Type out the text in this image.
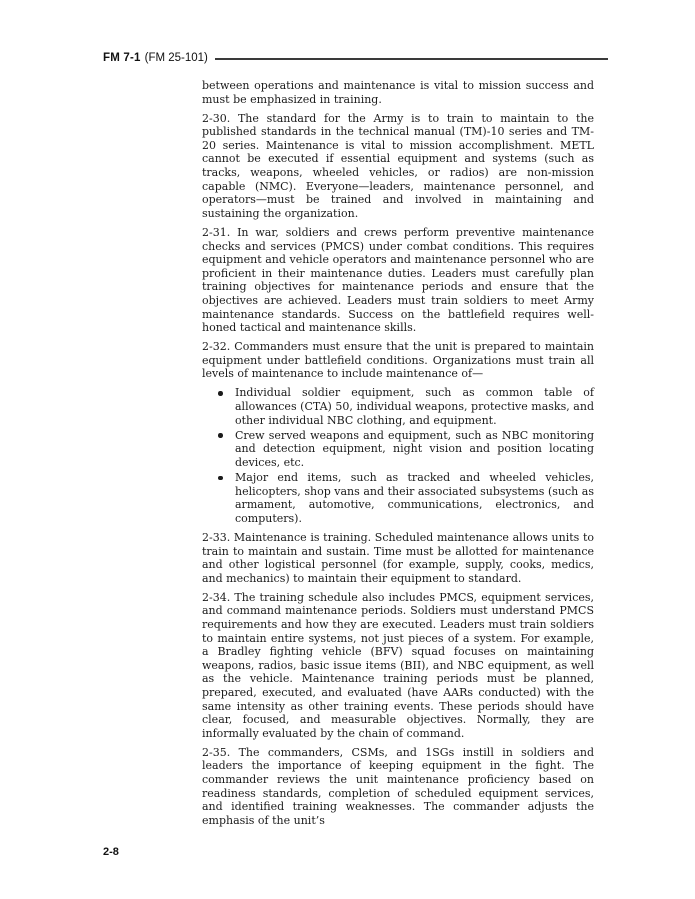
FM 7-1 (FM 25-101)

between operations and maintenance is vital to mission success and must be emphasized in training.

2-30. The standard for the Army is to train to maintain to the published standards in the technical manual (TM)-10 series and TM-20 series. Maintenance is vital to mission accomplishment. METL cannot be executed if essential equipment and systems (such as tracks, weapons, wheeled vehicles, or radios) are non-mission capable (NMC). Everyone—leaders, maintenance personnel, and operators—must be trained and involved in maintaining and sustaining the organization.

2-31. In war, soldiers and crews perform preventive maintenance checks and services (PMCS) under combat conditions. This requires equipment and vehicle operators and maintenance personnel who are proficient in their maintenance duties. Leaders must carefully plan training objectives for maintenance periods and ensure that the objectives are achieved. Leaders must train soldiers to meet Army maintenance standards. Success on the battlefield requires well-honed tactical and maintenance skills.

2-32. Commanders must ensure that the unit is prepared to maintain equipment under battlefield conditions. Organizations must train all levels of maintenance to include maintenance of—

Individual soldier equipment, such as common table of allowances (CTA) 50, individual weapons, protective masks, and other individual NBC clothing, and equipment.
Crew served weapons and equipment, such as NBC monitoring and detection equipment, night vision and position locating devices, etc.
Major end items, such as tracked and wheeled vehicles, helicopters, shop vans and their associated subsystems (such as armament, automotive, communications, electronics, and computers).

2-33. Maintenance is training. Scheduled maintenance allows units to train to maintain and sustain. Time must be allotted for maintenance and other logistical personnel (for example, supply, cooks, medics, and mechanics) to maintain their equipment to standard.

2-34. The training schedule also includes PMCS, equipment services, and command maintenance periods. Soldiers must understand PMCS requirements and how they are executed. Leaders must train soldiers to maintain entire systems, not just pieces of a system. For example, a Bradley fighting vehicle (BFV) squad focuses on maintaining weapons, radios, basic issue items (BII), and NBC equipment, as well as the vehicle. Maintenance training periods must be planned, prepared, executed, and evaluated (have AARs conducted) with the same intensity as other training events. These periods should have clear, focused, and measurable objectives. Normally, they are informally evaluated by the chain of command.

2-35. The commanders, CSMs, and 1SGs instill in soldiers and leaders the importance of keeping equipment in the fight. The commander reviews the unit maintenance proficiency based on readiness standards, completion of scheduled equipment services, and identified training weaknesses. The commander adjusts the emphasis of the unit’s

2-8
